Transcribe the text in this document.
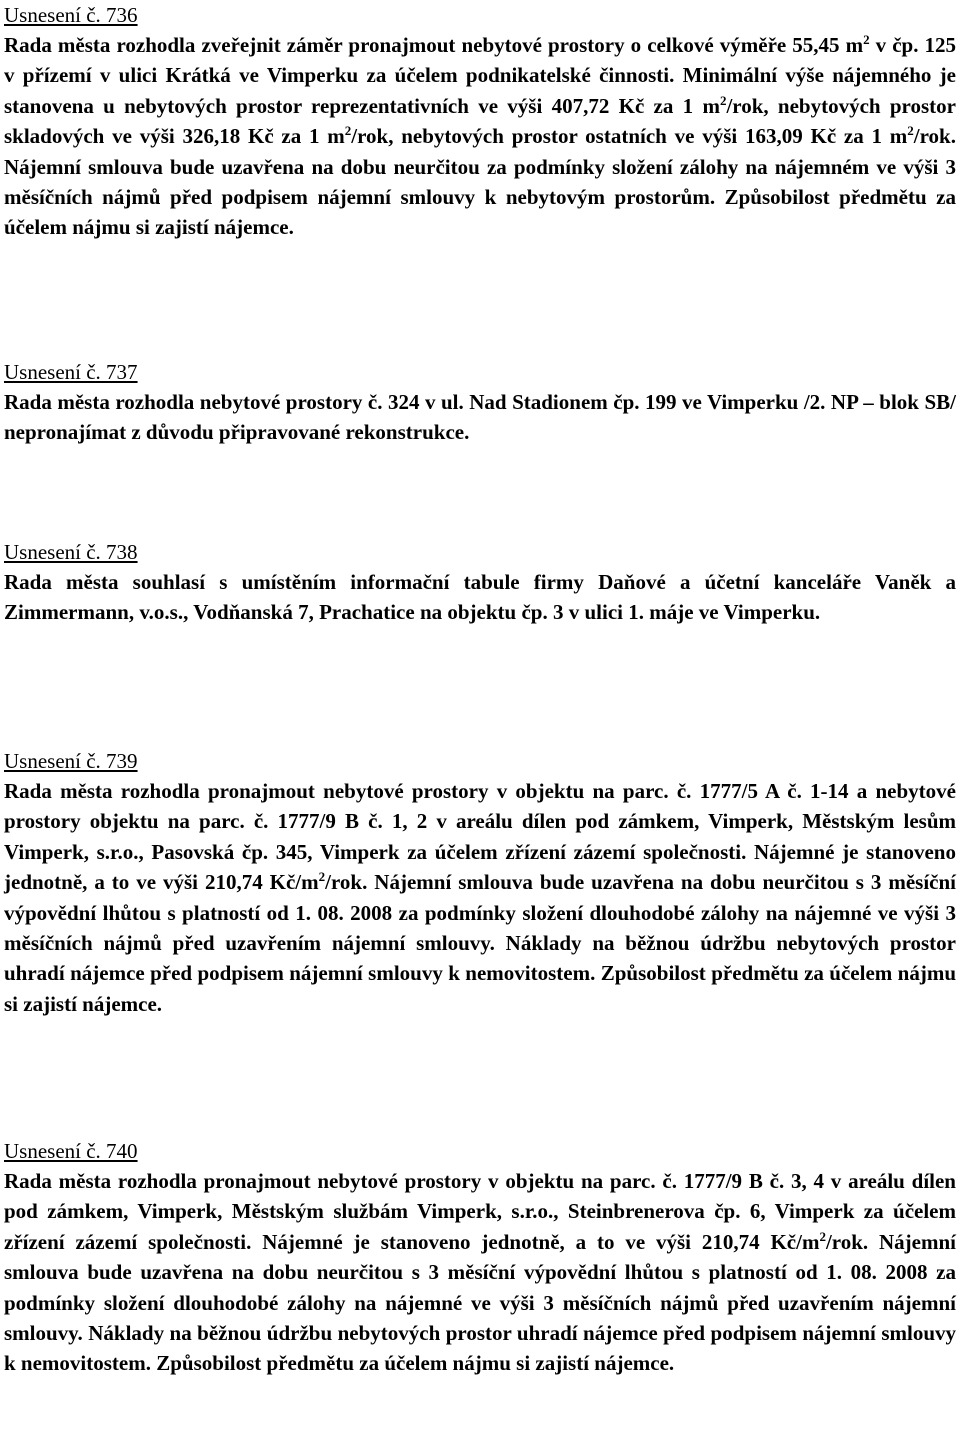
Usnesení č. 736

Rada města rozhodla zveřejnit záměr pronajmout nebytové prostory o celkové výměře 55,45 $m^2$ v čp. 125 v přízemí v ulici Krátká ve Vimperku za účelem podnikatelské činnosti. Minimální výše nájemného je stanovena u nebytových prostor reprezentativních ve výši 407,72 Kč za 1 $m^2$/rok, nebytových prostor skladových ve výši 326,18 Kč za 1 $m^2$/rok, nebytových prostor ostatních ve výši 163,09 Kč za 1 $m^2$/rok. Nájemní smlouva bude uzavřena na dobu neurčitou za podmínky složení zálohy na nájemném ve výši 3 měsíčních nájmů před podpisem nájemní smlouvy k nebytovým prostorům. Způsobilost předmětu za účelem nájmu si zajistí nájemce.

Usnesení č. 737

Rada města rozhodla nebytové prostory č. 324 v ul. Nad Stadionem čp. 199 ve Vimperku /2. NP – blok SB/ nepronajímat z důvodu připravované rekonstrukce.

Usnesení č. 738

Rada města souhlasí s umístěním informační tabule firmy Daňové a účetní kanceláře Vaněk a Zimmermann, v.o.s., Vodňanská 7, Prachatice na objektu čp. 3 v ulici 1. máje ve Vimperku.

Usnesení č. 739

Rada města rozhodla pronajmout nebytové prostory v objektu na parc. č. 1777/5 A č. 1-14 a nebytové prostory objektu na parc. č. 1777/9 B č. 1, 2 v areálu dílen pod zámkem, Vimperk, Městským lesům Vimperk, s.r.o., Pasovská čp. 345, Vimperk za účelem zřízení zázemí společnosti. Nájemné je stanoveno jednotně, a to ve výši 210,74 $Kč/m^2$/rok. Nájemní smlouva bude uzavřena na dobu neurčitou s 3 měsíční výpovědní lhůtou s platností od 1. 08. 2008 za podmínky složení dlouhodobé zálohy na nájemné ve výši 3 měsíčních nájmů před uzavřením nájemní smlouvy. Náklady na běžnou údržbu nebytových prostor uhradí nájemce před podpisem nájemní smlouvy k nemovitostem. Způsobilost předmětu za účelem nájmu si zajistí nájemce.

Usnesení č. 740

Rada města rozhodla pronajmout nebytové prostory v objektu na parc. č. 1777/9 B č. 3, 4 v areálu dílen pod zámkem, Vimperk, Městským službám Vimperk, s.r.o., Steinbrenerova čp. 6, Vimperk za účelem zřízení zázemí společnosti. Nájemné je stanoveno jednotně, a to ve výši 210,74 $Kč/m^2$/rok. Nájemní smlouva bude uzavřena na dobu neurčitou s 3 měsíční výpovědní lhůtou s platností od 1. 08. 2008 za podmínky složení dlouhodobé zálohy na nájemné ve výši 3 měsíčních nájmů před uzavřením nájemní smlouvy. Náklady na běžnou údržbu nebytových prostor uhradí nájemce před podpisem nájemní smlouvy k nemovitostem. Způsobilost předmětu za účelem nájmu si zajistí nájemce.
